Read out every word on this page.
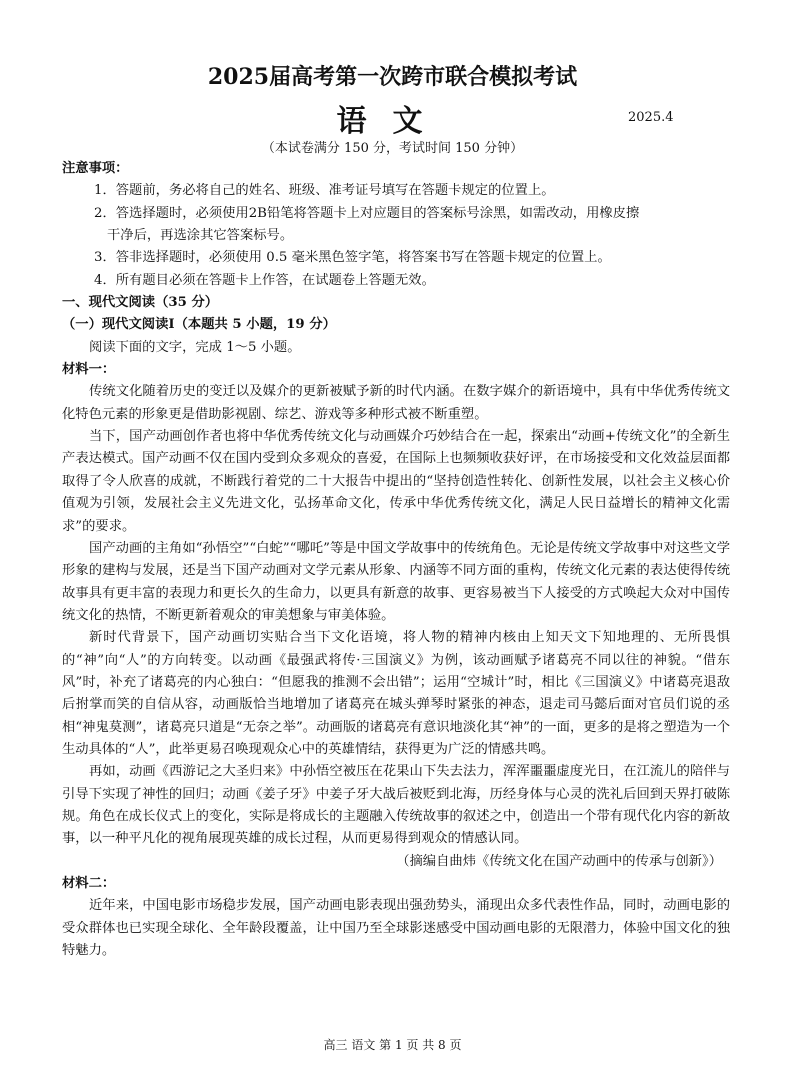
2025届高考第一次跨市联合模拟考试
语文	2025.4
（本试卷满分 150 分，考试时间 150 分钟）

注意事项：

1．答题前，务必将自己的姓名、班级、准考证号填写在答题卡规定的位置上。

2．答选择题时，必须使用2B铅笔将答题卡上对应题目的答案标号涂黑，如需改动，用橡皮擦

干净后，再选涂其它答案标号。

3．答非选择题时，必须使用 0.5 毫米黑色签字笔，将答案书写在答题卡规定的位置上。

4．所有题目必须在答题卡上作答，在试题卷上答题无效。

一、现代文阅读（35 分）

（一）现代文阅读Ⅰ（本题共 5 小题，19 分）

阅读下面的文字，完成 1～5 小题。

材料一：

传统文化随着历史的变迁以及媒介的更新被赋予新的时代内涵。在数字媒介的新语境中，具有中华优秀传统文化特色元素的形象更是借助影视剧、综艺、游戏等多种形式被不断重塑。

当下，国产动画创作者也将中华优秀传统文化与动画媒介巧妙结合在一起，探索出“动画+传统文化”的全新生产表达模式。国产动画不仅在国内受到众多观众的喜爱，在国际上也频频收获好评，在市场接受和文化效益层面都取得了令人欣喜的成就，不断践行着党的二十大报告中提出的“坚持创造性转化、创新性发展，以社会主义核心价值观为引领，发展社会主义先进文化，弘扬革命文化，传承中华优秀传统文化，满足人民日益增长的精神文化需求”的要求。

国产动画的主角如“孙悟空”“白蛇”“哪吒”等是中国文学故事中的传统角色。无论是传统文学故事中对这些文学形象的建构与发展，还是当下国产动画对文学元素从形象、内涵等不同方面的重构，传统文化元素的表达使得传统故事具有更丰富的表现力和更长久的生命力，以更具有新意的故事、更容易被当下人接受的方式唤起大众对中国传统文化的热情，不断更新着观众的审美想象与审美体验。

新时代背景下，国产动画切实贴合当下文化语境，将人物的精神内核由上知天文下知地理的、无所畏惧的“神”向“人”的方向转变。以动画《最强武将传·三国演义》为例，该动画赋予诸葛亮不同以往的神貌。“借东风”时，补充了诸葛亮的内心独白：“但愿我的推测不会出错”；运用“空城计”时，相比《三国演义》中诸葛亮退敌后拊掌而笑的自信从容，动画版恰当地增加了诸葛亮在城头弹琴时紧张的神态，退走司马懿后面对官员们说的丞相“神鬼莫测”，诸葛亮只道是“无奈之举”。动画版的诸葛亮有意识地淡化其“神”的一面，更多的是将之塑造为一个生动具体的“人”，此举更易召唤现观众心中的英雄情结，获得更为广泛的情感共鸣。

再如，动画《西游记之大圣归来》中孙悟空被压在花果山下失去法力，浑浑噩噩虚度光日，在江流儿的陪伴与引导下实现了神性的回归；动画《姜子牙》中姜子牙大战后被贬到北海，历经身体与心灵的洗礼后回到天界打破陈规。角色在成长仪式上的变化，实际是将成长的主题融入传统故事的叙述之中，创造出一个带有现代化内容的新故事，以一种平凡化的视角展现英雄的成长过程，从而更易得到观众的情感认同。

（摘编自曲炜《传统文化在国产动画中的传承与创新》）

材料二：

近年来，中国电影市场稳步发展，国产动画电影表现出强劲势头，涌现出众多代表性作品，同时，动画电影的受众群体也已实现全球化、全年龄段覆盖，让中国乃至全球影迷感受中国动画电影的无限潜力，体验中国文化的独特魅力。

高三 语文 第 1 页 共 8 页
